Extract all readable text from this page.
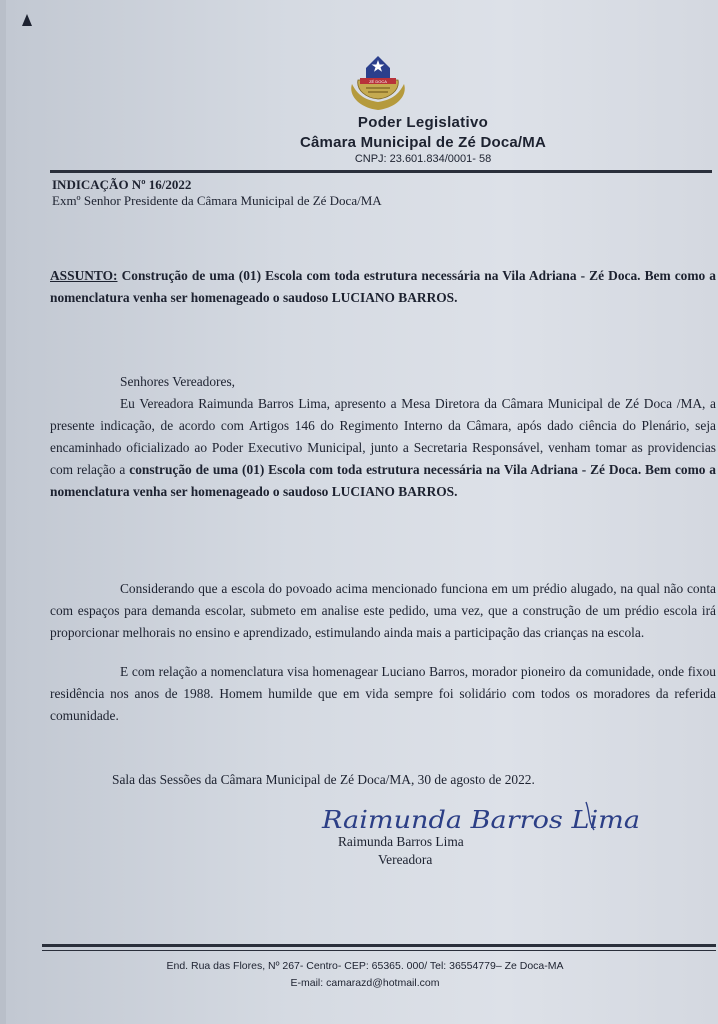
ZÉ DOCA
Poder Legislativo
Câmara Municipal de Zé Doca/MA
CNPJ: 23.601.834/0001- 58
INDICAÇÃO Nº 16/2022
Exmº Senhor Presidente da Câmara Municipal de Zé Doca/MA
ASSUNTO: Construção de uma (01) Escola com toda estrutura necessária na Vila Adriana - Zé Doca. Bem como a nomenclatura venha ser homenageado o saudoso LUCIANO BARROS.
Senhores Vereadores,
Eu Vereadora Raimunda Barros Lima, apresento a Mesa Diretora da Câmara Municipal de Zé Doca /MA, a presente indicação, de acordo com Artigos 146 do Regimento Interno da Câmara, após dado ciência do Plenário, seja encaminhado oficializado ao Poder Executivo Municipal, junto a Secretaria Responsável, venham tomar as providencias com relação a construção de uma (01) Escola com toda estrutura necessária na Vila Adriana - Zé Doca. Bem como a nomenclatura venha ser homenageado o saudoso LUCIANO BARROS.
Considerando que a escola do povoado acima mencionado funciona em um prédio alugado, na qual não conta com espaços para demanda escolar, submeto em analise este pedido, uma vez, que a construção de um prédio escola irá proporcionar melhorais no ensino e aprendizado, estimulando ainda mais a participação das crianças na escola.
E com relação a nomenclatura visa homenagear Luciano Barros, morador pioneiro da comunidade, onde fixou residência nos anos de 1988. Homem humilde que em vida sempre foi solidário com todos os moradores da referida comunidade.
Sala das Sessões da Câmara Municipal de Zé Doca/MA, 30 de agosto de 2022.
Raimunda Barros Lima
Raimunda Barros Lima
Vereadora
End. Rua das Flores, Nº 267- Centro- CEP: 65365. 000/ Tel: 36554779– Ze Doca-MA
E-mail: camarazd@hotmail.com
